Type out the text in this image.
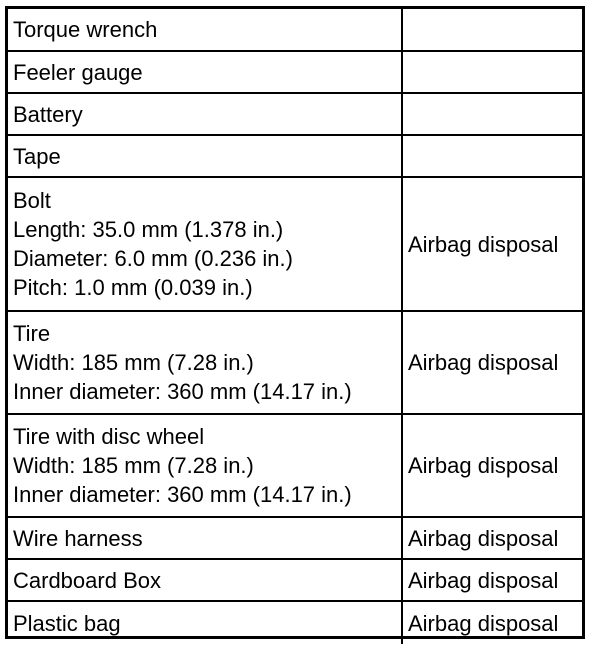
Torque wrench	

Feeler gauge	

Battery	

Tape	

Bolt
Length: 35.0 mm (1.378 in.)
Diameter: 6.0 mm (0.236 in.)
Pitch: 1.0 mm (0.039 in.)	Airbag disposal

Tire
Width: 185 mm (7.28 in.)
Inner diameter: 360 mm (14.17 in.)	Airbag disposal

Tire with disc wheel
Width: 185 mm (7.28 in.)
Inner diameter: 360 mm (14.17 in.)	Airbag disposal

Wire harness	Airbag disposal

Cardboard Box	Airbag disposal

Plastic bag	Airbag disposal
